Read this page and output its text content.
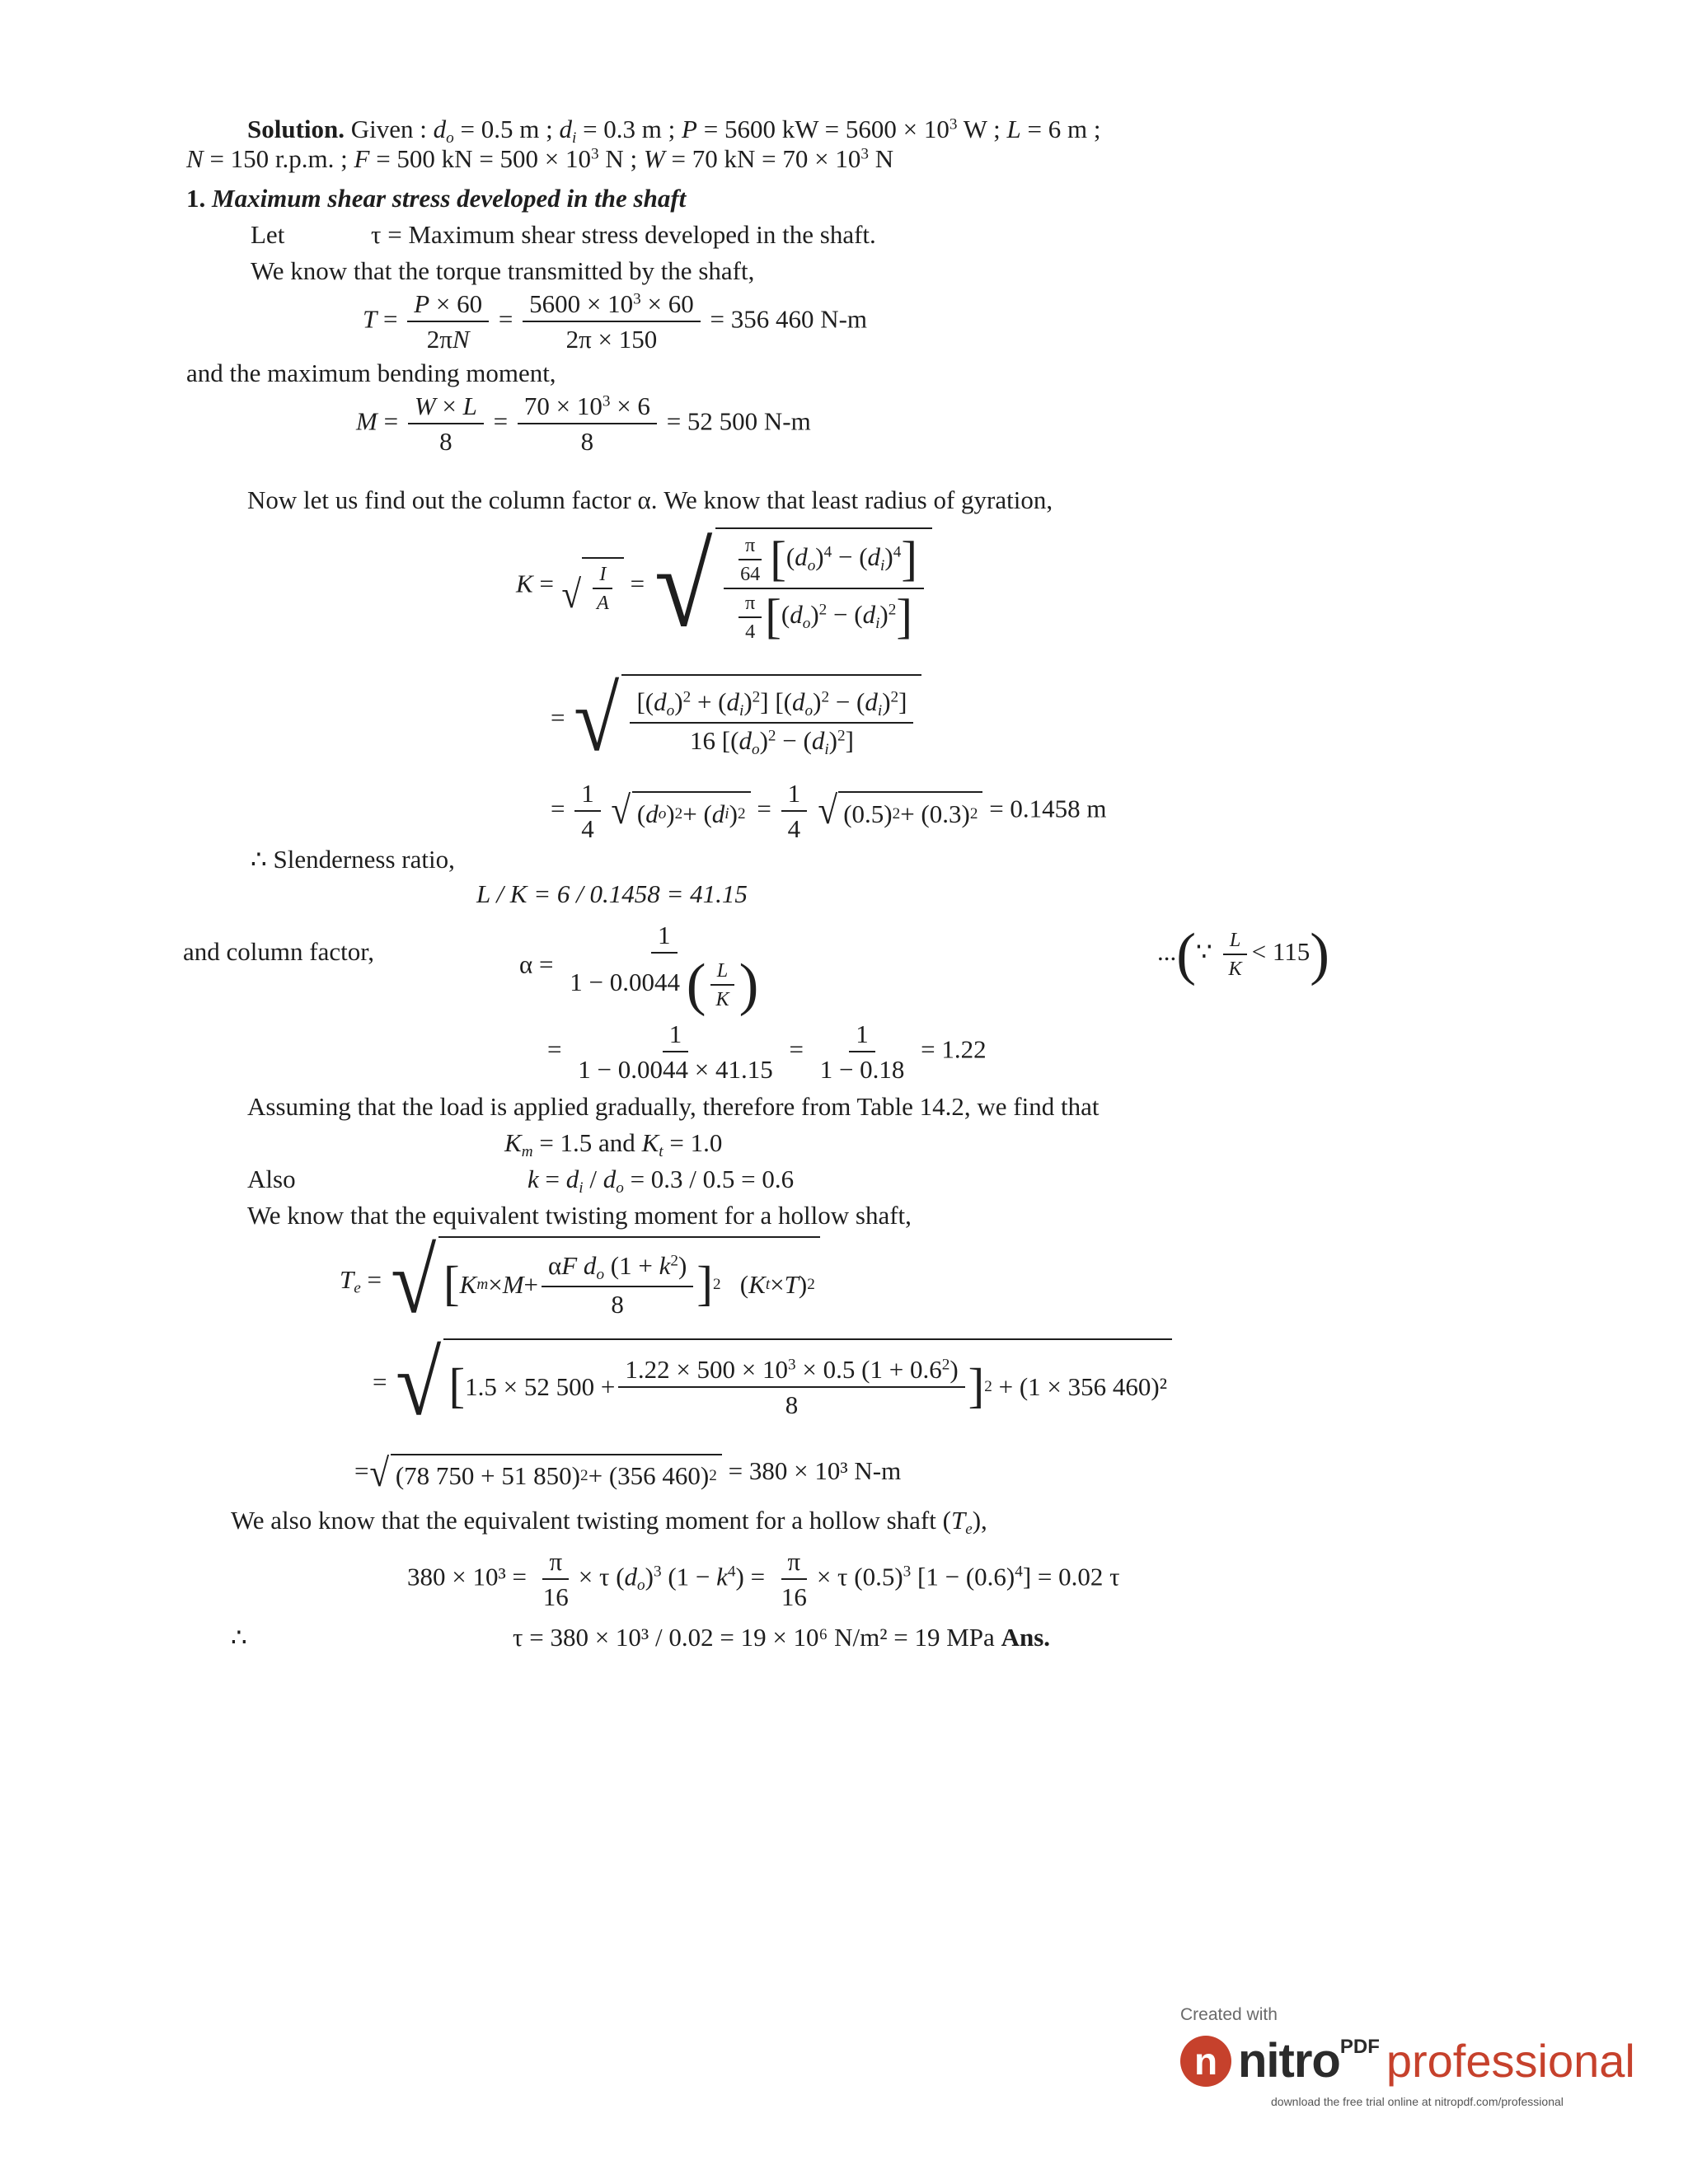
Solution. Given : $d_o = 0.5$ m ; $d_i = 0.3$ m ; P = 5600 kW = $5600 \times 10^3$ W ; L = 6 m ;
N = 150 r.p.m. ; F = 500 kN = $500 \times 10^3$ N ; W = 70 kN = $70 \times 10^3$ N
1. Maximum shear stress developed in the shaft
Let	τ = Maximum shear stress developed in the shaft.
We know that the torque transmitted by the shaft,
$T = \frac{P \times 60}{2\pi N} = \frac{5600 \times 10^3 \times 60}{2\pi \times 150} = 356$ 460 N-m
and the maximum bending moment,
$M = \frac{W \times L}{8} = \frac{70 \times 10^3 \times 6}{8} = 52$ 500 N-m
Now let us find out the column factor α. We know that least radius of gyration,
K = √ $\frac{I}{A}$ = √ $\frac{\frac{\pi}{64} [(d_o)^4 - (d_i)^4]}{\frac{\pi}{4} [(d_o)^2 - (d_i)^2]}$
= √ $\frac{[(d_o)^2 + (d_i)^2] [(d_o)^2 - (d_i)^2]}{16 [(d_o)^2 - (d_i)^2]}$
= $\frac{1}{4}$
√ ( d o ) 2 + ( d i ) $2 = \frac{1}{4}$
√ (0.5) 2 + (0.3) 2 = 0.1458 m
∴ Slenderness ratio,
L / K = 6 / 0.1458 = 41.15
and column factor,	$\alpha = \frac{1}{1 - 0.0044 ( \frac{L}{K} )}$	...(∵ $\frac{L}{K} < 115$)
= $\frac{1}{1 - 0.0044 \times 41.15} = \frac{1}{1 - 0.18} = 1.22$
Assuming that the load is applied gradually, therefore from Table 14.2, we find that
$K_m = 1.5$ and $K_t = 1.0$
Also	$k = d_i / d_o = 0.3 / 0.5 = 0.6$
We know that the equivalent twisting moment for a hollow shaft,
$T_e$ = √ [ K $m \times M + \frac{\alpha F d_o (1 + k^2)}{8}$ ] 2 ( K t × T ) 2
= √ [ 1.5 × 52 $500 + \frac{1.22 \times 500 \times 10^3 \times 0.5 (1 + 0.6^2)}{8}$ ] 2
+ (1 × 356 460)²
= √ (78 750 + 51 850) 2 + (356 460) 2 = 380 × 10³ N-m
We also know that the equivalent twisting moment for a hollow shaft $(T_e)$,
$380 \times 10^3 = \frac{\pi}{16} \times \tau$ $(d_o)^3$ $(1 - k^4) = \frac{\pi}{16} \times \tau$ $(0.5)^3$ $[1 - (0.6)^4] = 0.02$ τ
∴	τ = 380 × 10³ / 0.02 = 19 × 10⁶ N/m² = 19 MPa Ans.
Created with
n nitro PDF professional
download the free trial online at nitropdf.com/professional
